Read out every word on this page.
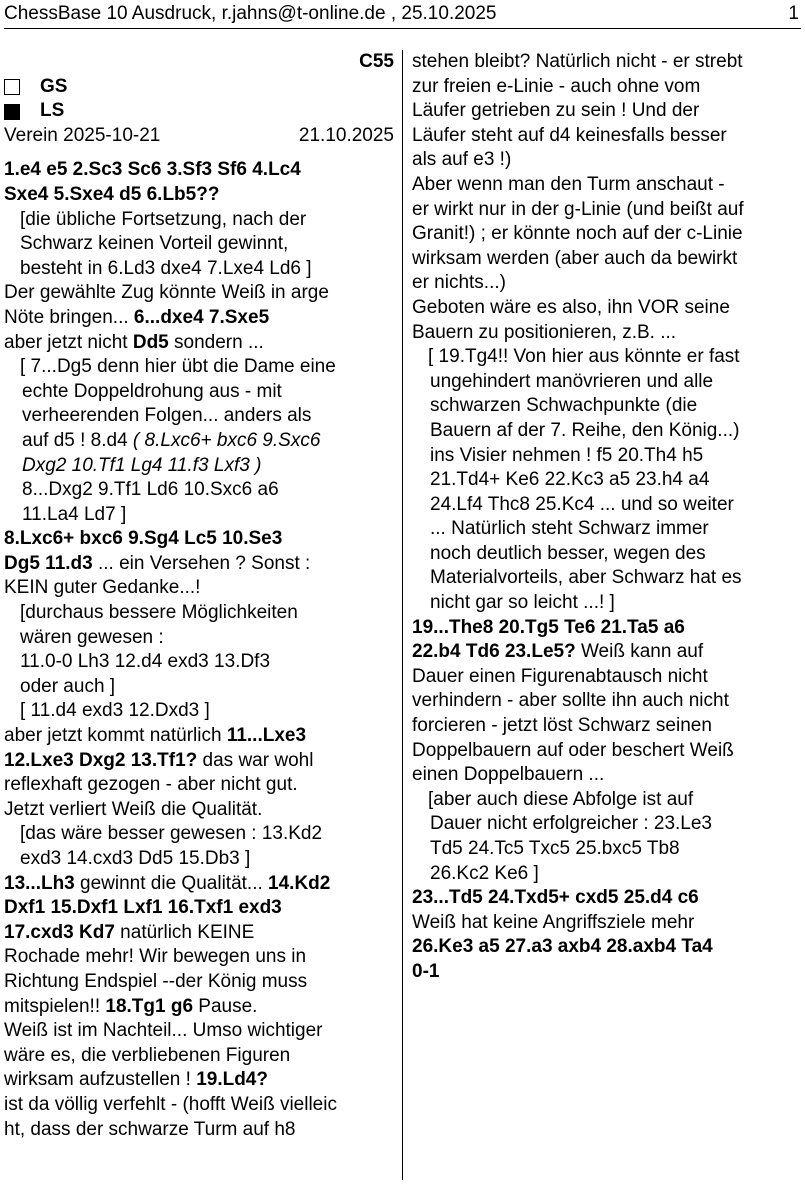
ChessBase 10 Ausdruck, r.jahns@t-online.de , 25.10.2025	1
C55
GS
LS
Verein 2025-10-21	21.10.2025
1.e4 e5 2.Sc3 Sc6 3.Sf3 Sf6 4.Lc4
Sxe4 5.Sxe4 d5 6.Lb5??
[die übliche Fortsetzung, nach der
Schwarz keinen Vorteil gewinnt,
besteht in 6.Ld3 dxe4 7.Lxe4 Ld6 ]
Der gewählte Zug könnte Weiß in arge
Nöte bringen... 6...dxe4 7.Sxe5
aber jetzt nicht Dd5 sondern ...
[ 7...Dg5 denn hier übt die Dame eine
echte Doppeldrohung aus - mit
verheerenden Folgen... anders als
auf d5 ! 8.d4 ( 8.Lxc6+ bxc6 9.Sxc6
Dxg2 10.Tf1 Lg4 11.f3 Lxf3 )
8...Dxg2 9.Tf1 Ld6 10.Sxc6 a6
11.La4 Ld7 ]
8.Lxc6+ bxc6 9.Sg4 Lc5 10.Se3
Dg5 11.d3 ... ein Versehen ? Sonst :
KEIN guter Gedanke...!
[durchaus bessere Möglichkeiten
wären gewesen :
11.0-0 Lh3 12.d4 exd3 13.Df3
oder auch ]
[ 11.d4 exd3 12.Dxd3 ]
aber jetzt kommt natürlich 11...Lxe3
12.Lxe3 Dxg2 13.Tf1? das war wohl
reflexhaft gezogen - aber nicht gut.
Jetzt verliert Weiß die Qualität.
[das wäre besser gewesen : 13.Kd2
exd3 14.cxd3 Dd5 15.Db3 ]
13...Lh3 gewinnt die Qualität... 14.Kd2
Dxf1 15.Dxf1 Lxf1 16.Txf1 exd3
17.cxd3 Kd7 natürlich KEINE
Rochade mehr! Wir bewegen uns in
Richtung Endspiel --der König muss
mitspielen!! 18.Tg1 g6 Pause.
Weiß ist im Nachteil... Umso wichtiger
wäre es, die verbliebenen Figuren
wirksam aufzustellen ! 19.Ld4?
ist da völlig verfehlt - (hofft Weiß vielleic
ht, dass der schwarze Turm auf h8
stehen bleibt? Natürlich nicht - er strebt
zur freien e-Linie - auch ohne vom
Läufer getrieben zu sein ! Und der
Läufer steht auf d4 keinesfalls besser
als auf e3 !)
Aber wenn man den Turm anschaut -
er wirkt nur in der g-Linie (und beißt auf
Granit!) ; er könnte noch auf der c-Linie
wirksam werden (aber auch da bewirkt
er nichts...)
Geboten wäre es also, ihn VOR seine
Bauern zu positionieren, z.B. ...
[ 19.Tg4!! Von hier aus könnte er fast
ungehindert manövrieren und alle
schwarzen Schwachpunkte (die
Bauern af der 7. Reihe, den König...)
ins Visier nehmen ! f5 20.Th4 h5
21.Td4+ Ke6 22.Kc3 a5 23.h4 a4
24.Lf4 Thc8 25.Kc4 ... und so weiter
... Natürlich steht Schwarz immer
noch deutlich besser, wegen des
Materialvorteils, aber Schwarz hat es
nicht gar so leicht ...! ]
19...The8 20.Tg5 Te6 21.Ta5 a6
22.b4 Td6 23.Le5? Weiß kann auf
Dauer einen Figurenabtausch nicht
verhindern - aber sollte ihn auch nicht
forcieren - jetzt löst Schwarz seinen
Doppelbauern auf oder beschert Weiß
einen Doppelbauern ...
[aber auch diese Abfolge ist auf
Dauer nicht erfolgreicher : 23.Le3
Td5 24.Tc5 Txc5 25.bxc5 Tb8
26.Kc2 Ke6 ]
23...Td5 24.Txd5+ cxd5 25.d4 c6
Weiß hat keine Angriffsziele mehr
26.Ke3 a5 27.a3 axb4 28.axb4 Ta4
0-1
